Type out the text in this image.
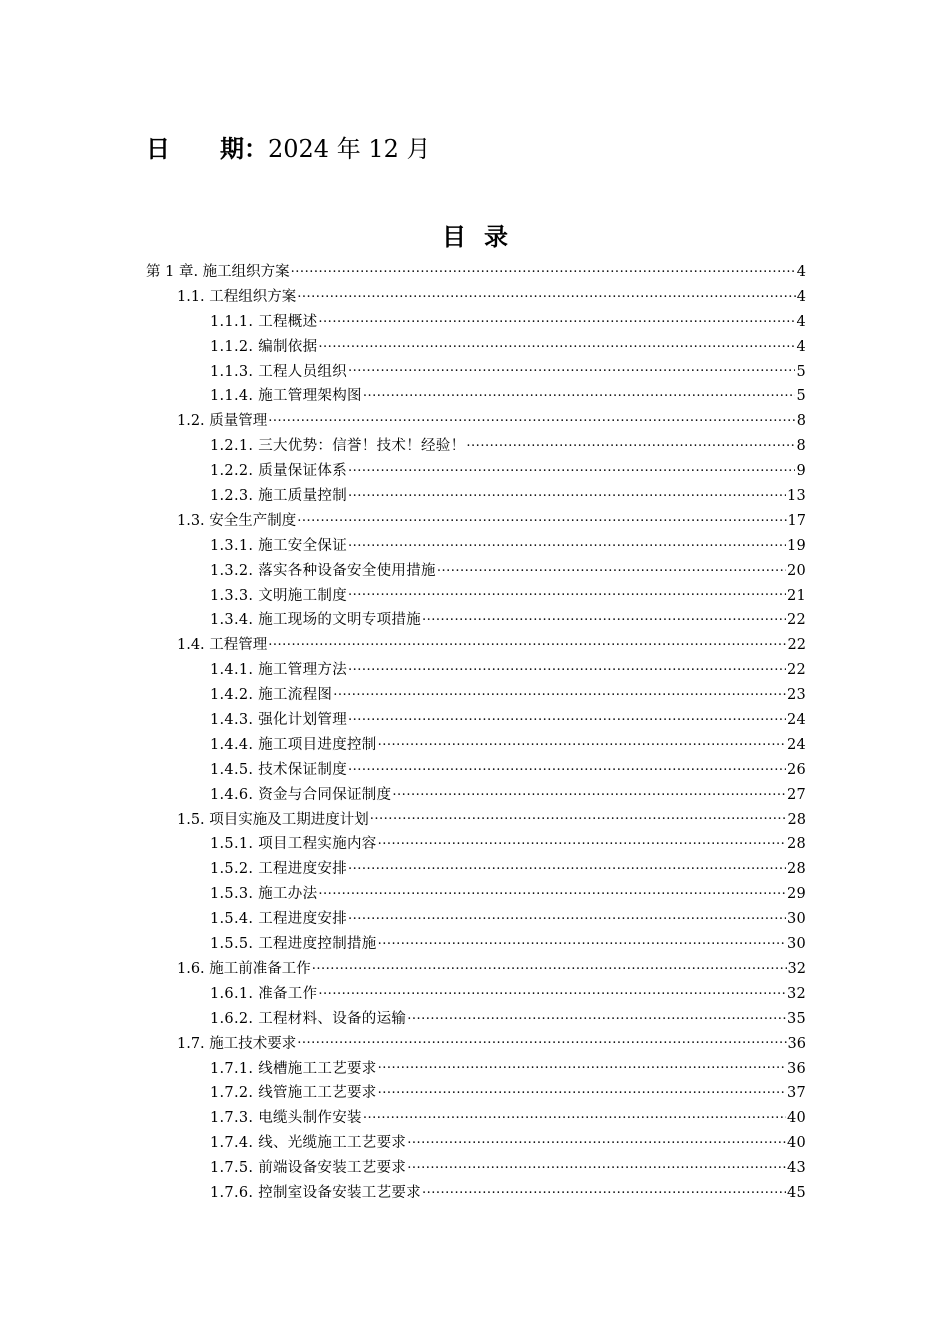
日 期：2024 年 12 月
目录
第 1 章. 施工组织方案 .....	4
1.1. 工程组织方案 .....	4
1.1.1. 工程概述 .....	4
1.1.2. 编制依据 .....	4
1.1.3. 工程人员组织 .....	5
1.1.4. 施工管理架构图 .....	5
1.2. 质量管理 .....	8
1.2.1. 三大优势：信誉！技术！经验！ .....	8
1.2.2. 质量保证体系 .....	9
1.2.3. 施工质量控制 .....	13
1.3. 安全生产制度 .....	17
1.3.1. 施工安全保证 .....	19
1.3.2. 落实各种设备安全使用措施 .....	20
1.3.3. 文明施工制度 .....	21
1.3.4. 施工现场的文明专项措施 .....	22
1.4. 工程管理 .....	22
1.4.1. 施工管理方法 .....	22
1.4.2. 施工流程图 .....	23
1.4.3. 强化计划管理 .....	24
1.4.4. 施工项目进度控制 .....	24
1.4.5. 技术保证制度 .....	26
1.4.6. 资金与合同保证制度 .....	27
1.5. 项目实施及工期进度计划 .....	28
1.5.1. 项目工程实施内容 .....	28
1.5.2. 工程进度安排 .....	28
1.5.3. 施工办法 .....	29
1.5.4. 工程进度安排 .....	30
1.5.5. 工程进度控制措施 .....	30
1.6. 施工前准备工作 .....	32
1.6.1. 准备工作 .....	32
1.6.2. 工程材料、设备的运输 .....	35
1.7. 施工技术要求 .....	36
1.7.1. 线槽施工工艺要求 .....	36
1.7.2. 线管施工工艺要求 .....	37
1.7.3. 电缆头制作安装 .....	40
1.7.4. 线、光缆施工工艺要求 .....	40
1.7.5. 前端设备安装工艺要求 .....	43
1.7.6. 控制室设备安装工艺要求 .....	45
